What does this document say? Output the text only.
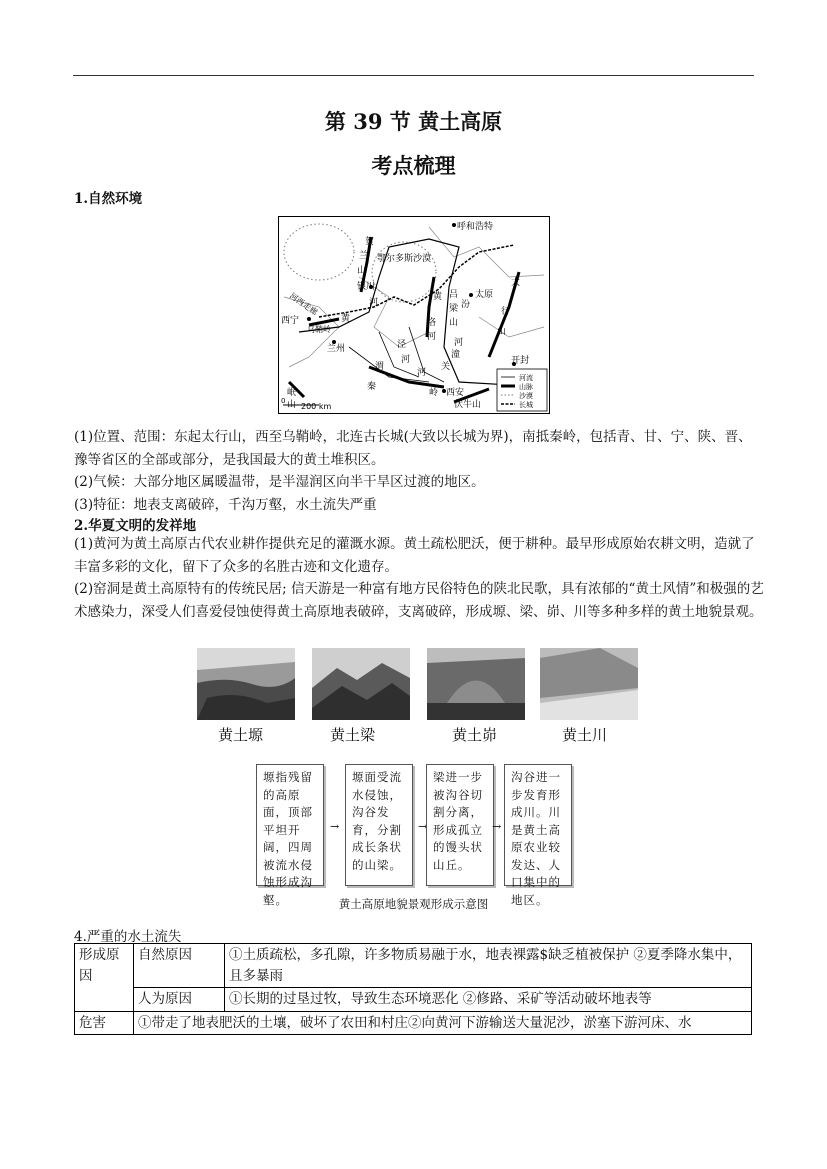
第 39 节 黄土高原
考点梳理
1.自然环境
河流
山脉
沙漠
长城
0
200 km
呼和浩特
鄂尔多斯沙漠
贺
兰
山
银川
河西走廊
西宁
乌鞘岭
兰州
黄
河
黄 吕
梁
山
汾
河
太原
太
行
山
洛
河
泾
河
渭
河
潼
关
开封
秦
岭 西安
岷
山	伏牛山

(1)位置、范围：东起太行山，西至乌鞘岭，北连古长城(大致以长城为界)，南抵秦岭，包括青、甘、宁、陕、晋、豫等省区的全部或部分，是我国最大的黄土堆积区。

(2)气候：大部分地区属暖温带，是半湿润区向半干旱区过渡的地区。

(3)特征：地表支离破碎，千沟万壑，水土流失严重

2.华夏文明的发祥地

(1)黄河为黄土高原古代农业耕作提供充足的灌溉水源。黄土疏松肥沃，便于耕种。最早形成原始农耕文明，造就了丰富多彩的文化，留下了众多的名胜古迹和文化遗存。

(2)窑洞是黄土高原特有的传统民居; 信天游是一种富有地方民俗特色的陕北民歌，具有浓郁的“黄土风情”和极强的艺术感染力，深受人们喜爱侵蚀使得黄土高原地表破碎，支离破碎，形成塬、梁、峁、川等多种多样的黄土地貌景观。

黄土塬	黄土梁	黄土峁	黄土川
塬指残留的高原面，顶部平坦开阔，四周被流水侵蚀形成沟壑。
→
塬面受流水侵蚀，沟谷发育，分割成长条状的山梁。
→
梁进一步被沟谷切割分离，形成孤立的馒头状山丘。
→
沟谷进一步发育形成川。川是黄土高原农业较发达、人口集中的地区。
黄土高原地貌景观形成示意图
4.严重的水土流失
形成原因	自然原因	①土质疏松，多孔隙，许多物质易融于水，地表裸露$缺乏植被保护 ②夏季降水集中，且多暴雨
	人为原因	①长期的过垦过牧，导致生态环境恶化 ②修路、采矿等活动破坏地表等
危害	①带走了地表肥沃的土壤，破坏了农田和村庄②向黄河下游输送大量泥沙，淤塞下游河床、水	
